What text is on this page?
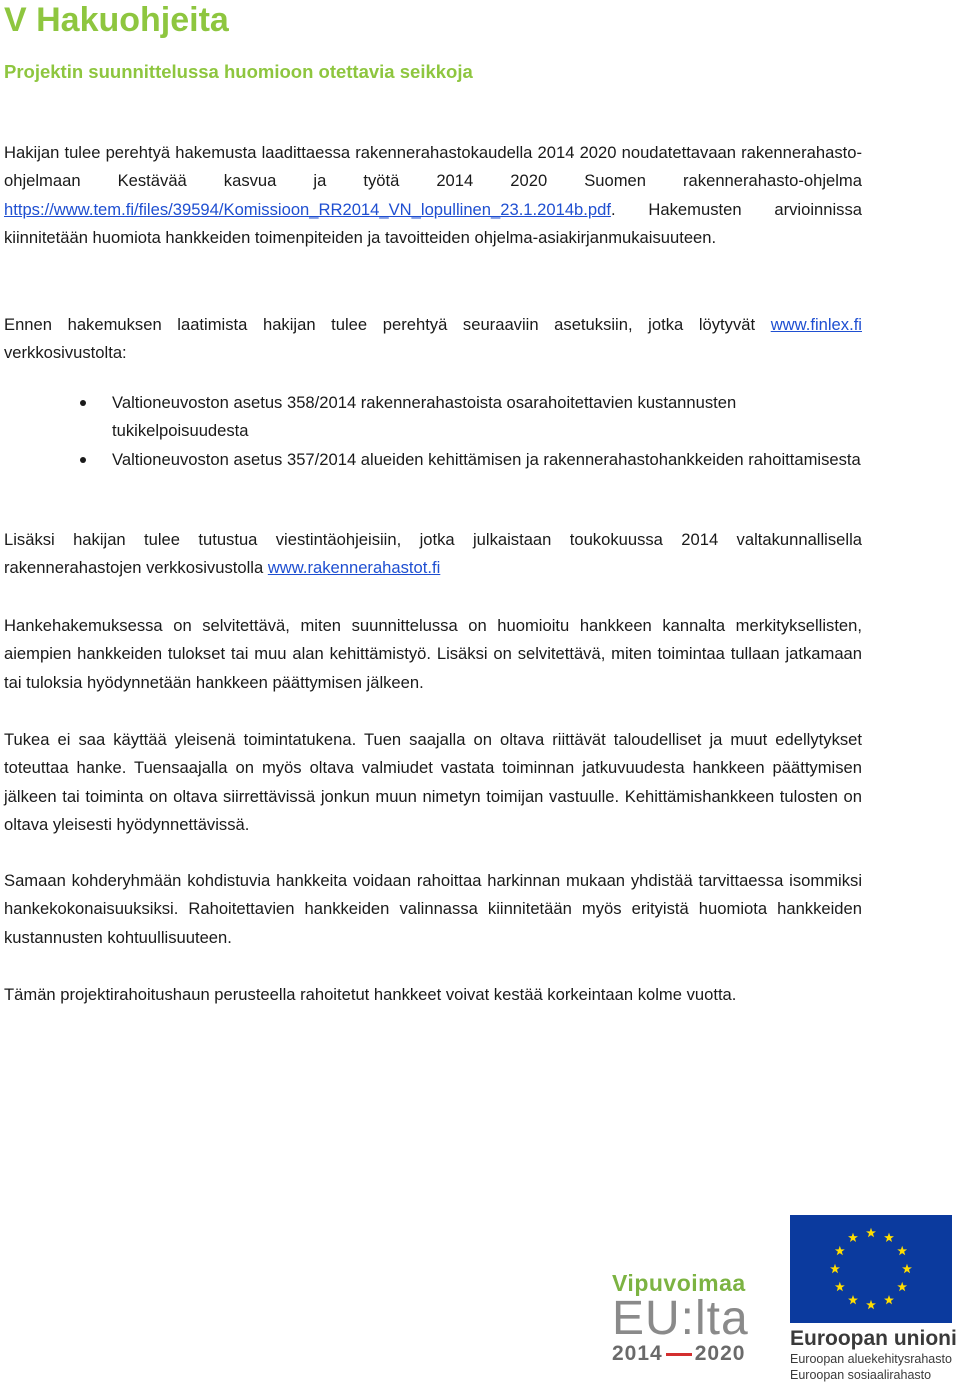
V Hakuohjeita
Projektin suunnittelussa huomioon otettavia seikkoja

Hakijan tulee perehtyä hakemusta laadittaessa rakennerahastokaudella 2014 2020 noudatettavaan rakennerahasto-ohjelmaan Kestävää kasvua ja työtä 2014 2020 Suomen rakennerahasto-ohjelma https://www.tem.fi/files/39594/Komissioon_RR2014_VN_lopullinen_23.1.2014b.pdf. Hakemusten arvioinnissa kiinnitetään huomiota hankkeiden toimenpiteiden ja tavoitteiden ohjelma-asiakirjanmukaisuuteen.

Ennen hakemuksen laatimista hakijan tulee perehtyä seuraaviin asetuksiin, jotka löytyvät www.finlex.fi verkkosivustolta:

Valtioneuvoston asetus 358/2014 rakennerahastoista osarahoitettavien kustannusten tukikelpoisuudesta
Valtioneuvoston asetus 357/2014 alueiden kehittämisen ja rakennerahastohankkeiden rahoittamisesta

Lisäksi hakijan tulee tutustua viestintäohjeisiin, jotka julkaistaan toukokuussa 2014 valtakunnallisella rakennerahastojen verkkosivustolla www.rakennerahastot.fi

Hankehakemuksessa on selvitettävä, miten suunnittelussa on huomioitu hankkeen kannalta merkityksellisten, aiempien hankkeiden tulokset tai muu alan kehittämistyö. Lisäksi on selvitettävä, miten toimintaa tullaan jatkamaan tai tuloksia hyödynnetään hankkeen päättymisen jälkeen.

Tukea ei saa käyttää yleisenä toimintatukena. Tuen saajalla on oltava riittävät taloudelliset ja muut edellytykset toteuttaa hanke. Tuensaajalla on myös oltava valmiudet vastata toiminnan jatkuvuudesta hankkeen päättymisen jälkeen tai toiminta on oltava siirrettävissä jonkun muun nimetyn toimijan vastuulle. Kehittämishankkeen tulosten on oltava yleisesti hyödynnettävissä.

Samaan kohderyhmään kohdistuvia hankkeita voidaan rahoittaa harkinnan mukaan yhdistää tarvittaessa isommiksi hankekokonaisuuksiksi. Rahoitettavien hankkeiden valinnassa kiinnitetään myös erityistä huomiota hankkeiden kustannusten kohtuullisuuteen.

Tämän projektirahoitushaun perusteella rahoitetut hankkeet voivat kestää korkeintaan kolme vuotta.

Vipuvoimaa
EU:lta
2014 2020
Euroopan unioni
Euroopan aluekehitysrahasto
Euroopan sosiaalirahasto
